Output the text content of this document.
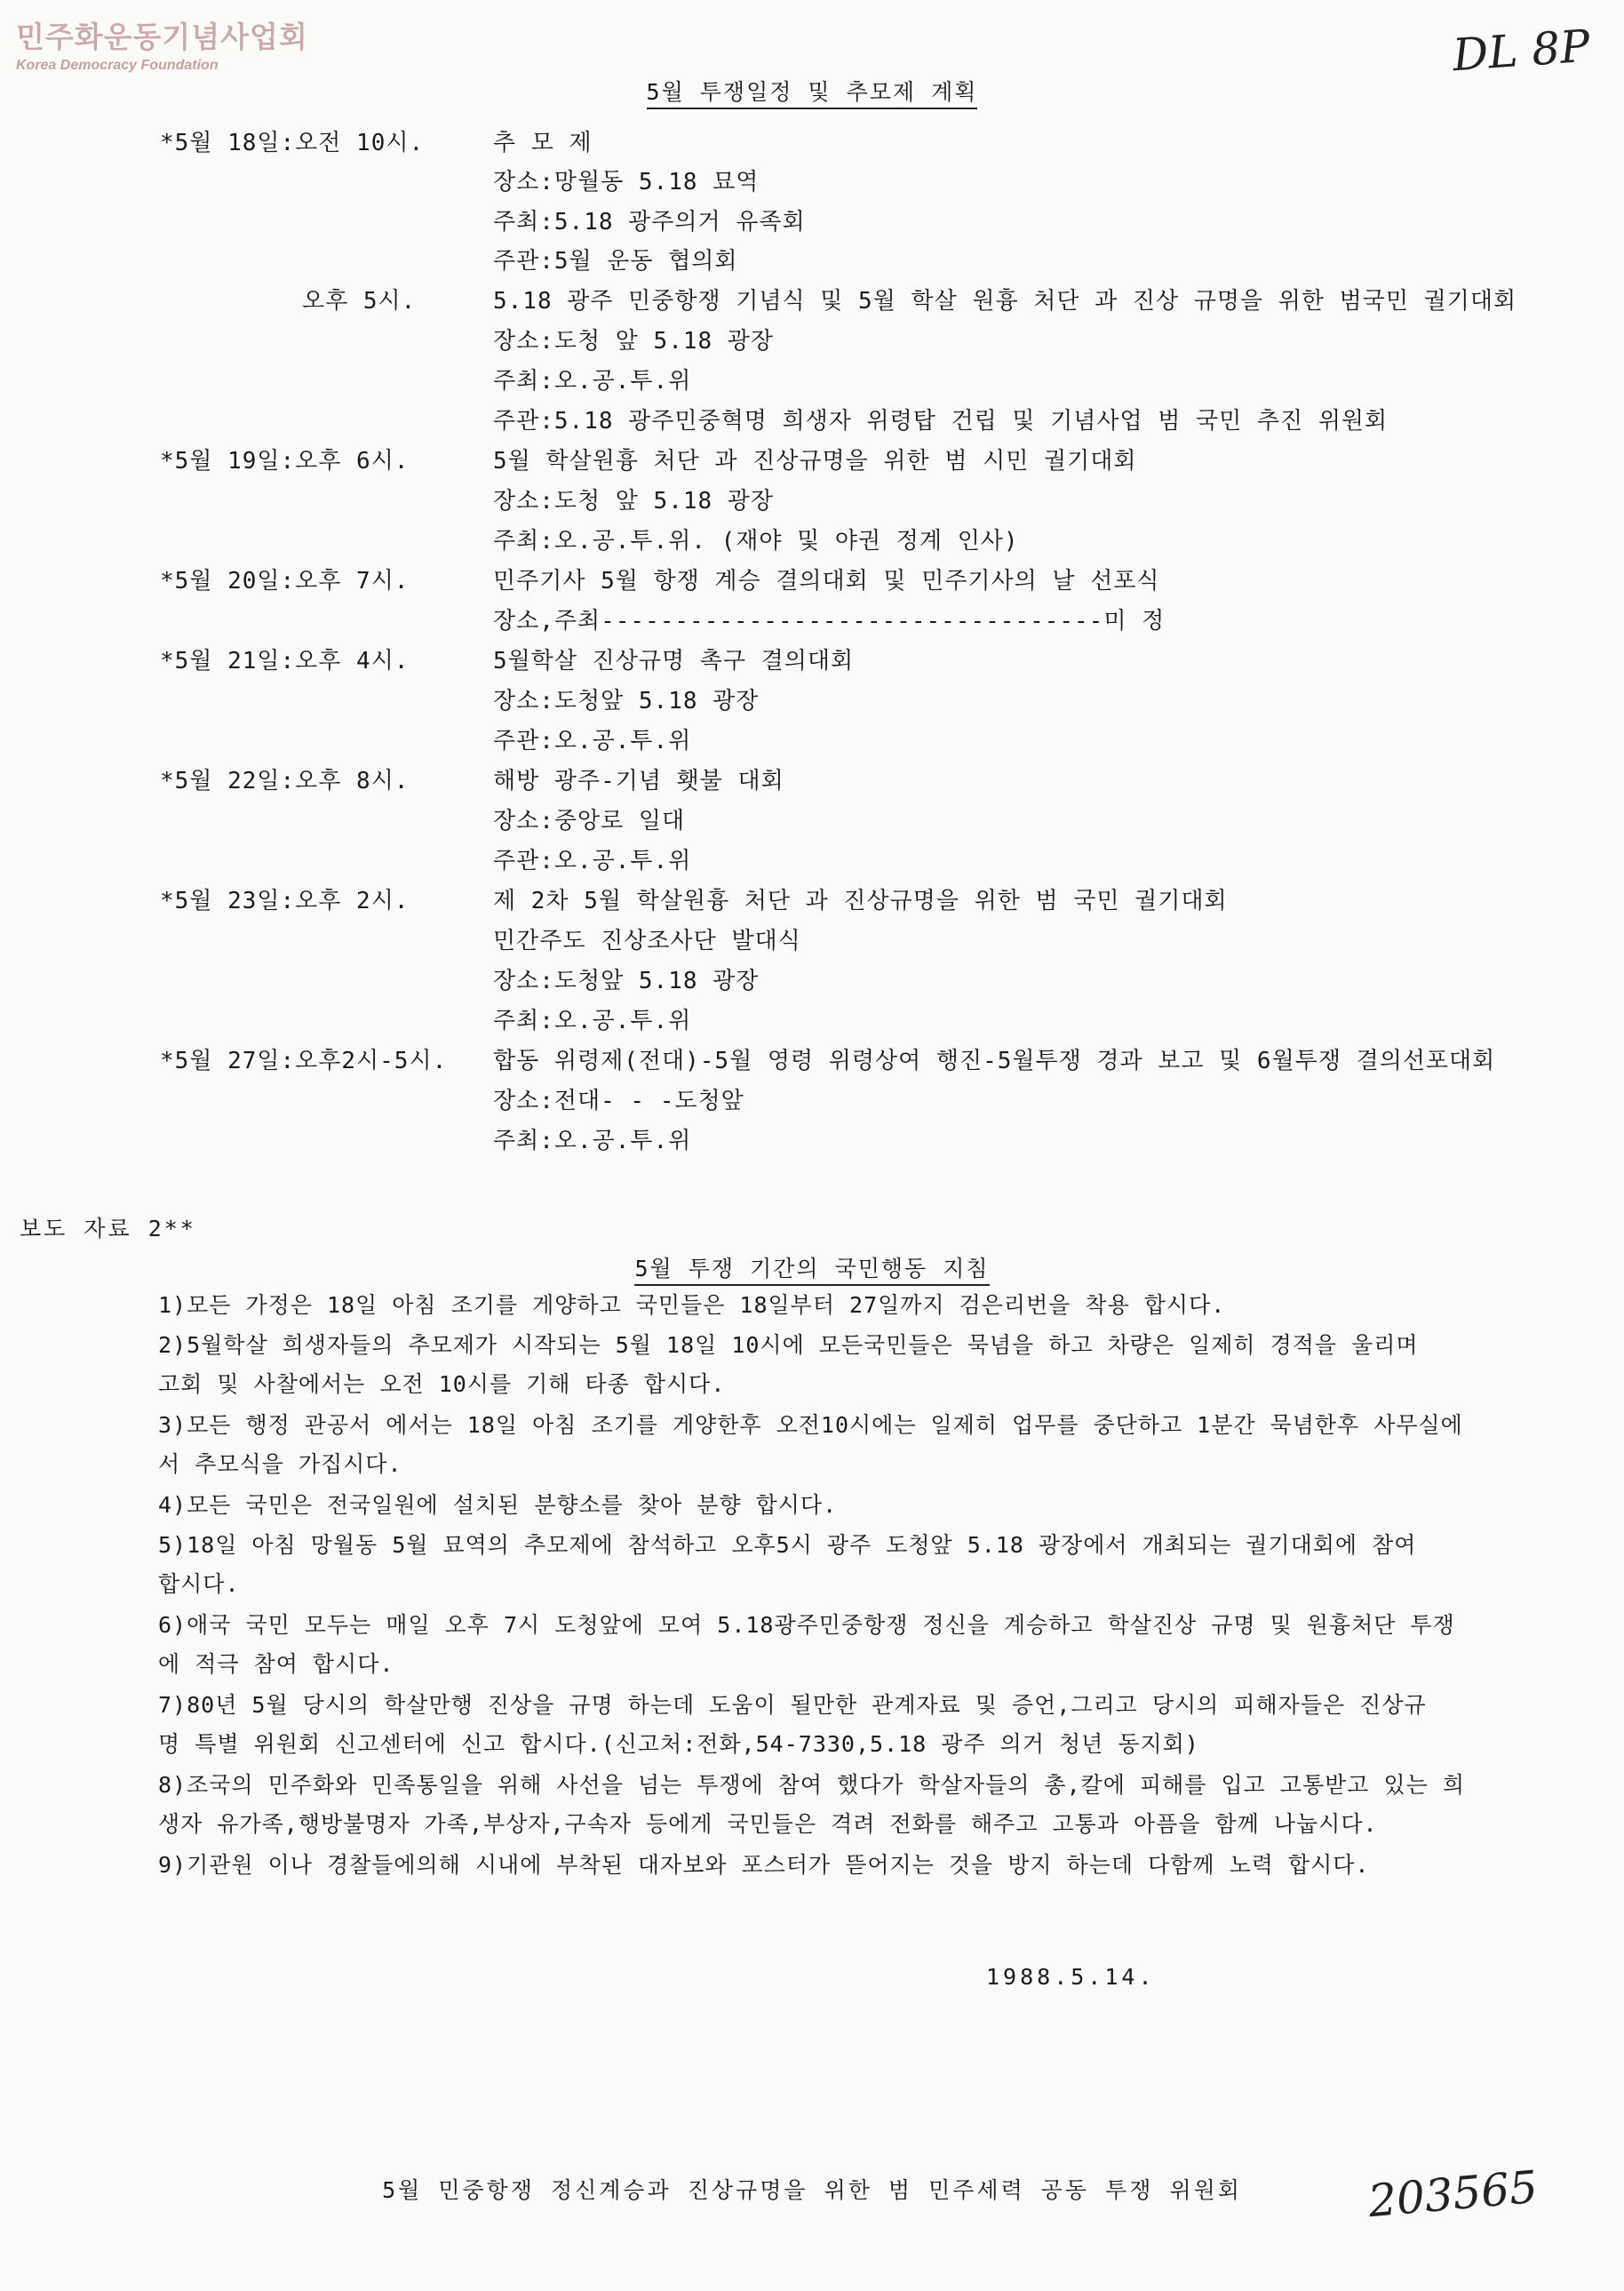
민주화운동기념사업회
Korea Democracy Foundation	DL 8P
5월 투쟁일정 및 추모제 계획
*5월 18일:오전 10시.	추 모 제
장소:망월동 5.18 묘역
주최:5.18 광주의거 유족회
주관:5월 운동 협의회
오후 5시.	5.18 광주 민중항쟁 기념식 및 5월 학살 원흉 처단 과 진상 규명을 위한 범국민 궐기대회
장소:도청 앞 5.18 광장
주최:오.공.투.위
주관:5.18 광주민중혁명 희생자 위령탑 건립 및 기념사업 범 국민 추진 위원회
*5월 19일:오후 6시.	5월 학살원흉 처단 과 진상규명을 위한 범 시민 궐기대회
장소:도청 앞 5.18 광장
주최:오.공.투.위. (재야 및 야권 정계 인사)
*5월 20일:오후 7시.	민주기사 5월 항쟁 계승 결의대회 및 민주기사의 날 선포식
장소,주최----------------------------------미 정
*5월 21일:오후 4시.	5월학살 진상규명 촉구 결의대회
장소:도청앞 5.18 광장
주관:오.공.투.위
*5월 22일:오후 8시.	해방 광주-기념 횃불 대회
장소:중앙로 일대
주관:오.공.투.위
*5월 23일:오후 2시.	제 2차 5월 학살원흉 처단 과 진상규명을 위한 범 국민 궐기대회
민간주도 진상조사단 발대식
장소:도청앞 5.18 광장
주최:오.공.투.위
*5월 27일:오후2시-5시. 합동 위령제(전대)-5월 영령 위령상여 행진-5월투쟁 경과 보고 및 6월투쟁 결의선포대회
장소:전대- - -도청앞
주최:오.공.투.위
보도 자료 2**
5월 투쟁 기간의 국민행동 지침
1)모든 가정은 18일 아침 조기를 게양하고 국민들은 18일부터 27일까지 검은리번을 착용 합시다.
2)5월학살 희생자들의 추모제가 시작되는 5월 18일 10시에 모든국민들은 묵념을 하고 차량은 일제히 경적을 울리며
고회 및 사찰에서는 오전 10시를 기해 타종 합시다.
3)모든 행정 관공서 에서는 18일 아침 조기를 게양한후 오전10시에는 일제히 업무를 중단하고 1분간 묵념한후 사무실에
서 추모식을 가집시다.
4)모든 국민은 전국일원에 설치된 분향소를 찾아 분향 합시다.
5)18일 아침 망월동 5월 묘역의 추모제에 참석하고 오후5시 광주 도청앞 5.18 광장에서 개최되는 궐기대회에 참여
합시다.
6)애국 국민 모두는 매일 오후 7시 도청앞에 모여 5.18광주민중항쟁 정신을 계승하고 학살진상 규명 및 원흉처단 투쟁
에 적극 참여 합시다.
7)80년 5월 당시의 학살만행 진상을 규명 하는데 도움이 될만한 관계자료 및 증언,그리고 당시의 피해자들은 진상규
명 특별 위원회 신고센터에 신고 합시다.(신고처:전화,54-7330,5.18 광주 의거 청년 동지회)
8)조국의 민주화와 민족통일을 위해 사선을 넘는 투쟁에 참여 했다가 학살자들의 총,칼에 피해를 입고 고통받고 있는 희
생자 유가족,행방불명자 가족,부상자,구속자 등에게 국민들은 격려 전화를 해주고 고통과 아픔을 함께 나눕시다.
9)기관원 이나 경찰들에의해 시내에 부착된 대자보와 포스터가 뜯어지는 것을 방지 하는데 다함께 노력 합시다.
1988.5.14.
5월 민중항쟁 정신계승과 진상규명을 위한 범 민주세력 공동 투쟁 위원회	203565
